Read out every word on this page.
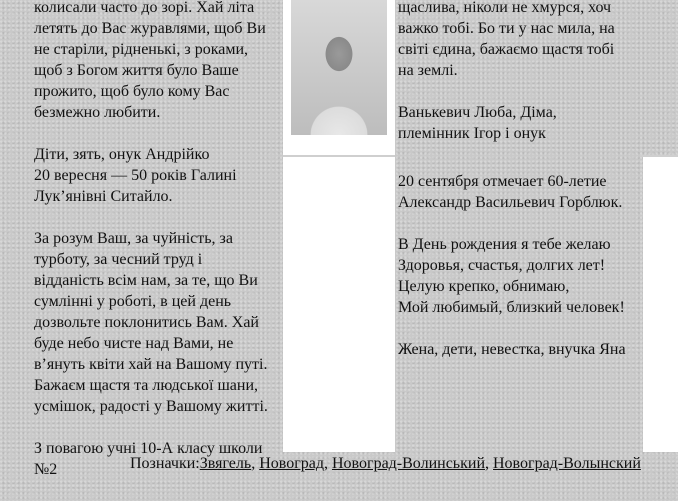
колисали часто до зорі. Хай літа
летять до Вас журавлями, щоб Ви
не старіли, рідненькі, з роками,
щоб з Богом життя було Ваше
прожито, щоб було кому Вас
безмежно любити.

Діти, зять, онук Андрійко

20 вересня — 50 років Галині
Лук’янівні Ситайло.

За розум Ваш, за чуйність, за
турботу, за чесний труд і
відданість всім нам, за те, що Ви
сумлінні у роботі, в цей день
дозвольте поклонитись Вам. Хай
буде небо чисте над Вами, не
в’януть квіти хай на Вашому путі.
Бажаєм щастя та людської шани,
усмішок, радості у Вашому житті.

З повагою учні 10-А класу школи
№2

щаслива, ніколи не хмурся, хоч
важко тобі. Бо ти у нас мила, на
світі єдина, бажаємо щастя тобі
на землі.

Ванькевич Люба, Діма,
племінник Ігор і онук

20 сентября отмечает 60-летие
Александр Васильевич Горблюк.

В День рождения я тебе желаю
Здоровья, счастья, долгих лет!
Целую крепко, обнимаю,
Мой любимый, близкий человек!

Жена, дети, невестка, внучка Яна

Позначки:Звягель, Новоград, Новоград-Волинський, Новоград-Волынский
